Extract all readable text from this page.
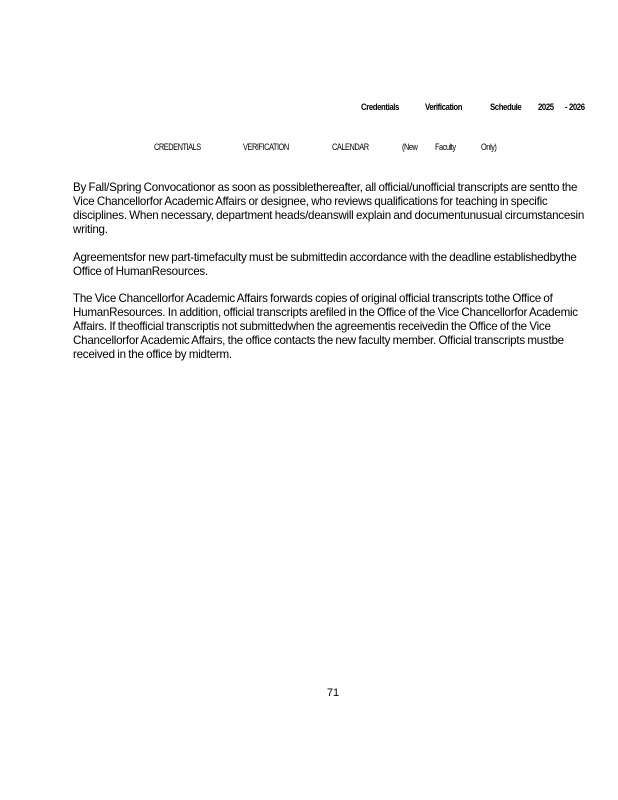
Credentials	Verification	Schedule 2025 - 2026
CREDENTIALS	VERIFICATION	CALENDAR	(New Faculty	Only)

By Fall/Spring Convocationor as soon as possiblethereafter, all official/unofficial transcripts are sentto the Vice Chancellorfor Academic Affairs or designee, who reviews qualifications for teaching in specific disciplines. When necessary, department heads/deanswill explain and documentunusual circumstancesin writing.

Agreementsfor new part-timefaculty must be submittedin accordance with the deadline establishedbythe Office of HumanResources.

The Vice Chancellorfor Academic Affairs forwards copies of original official transcripts tothe Office of HumanResources. In addition, official transcripts arefiled in the Office of the Vice Chancellorfor Academic Affairs. If theofficial transcriptis not submittedwhen the agreementis receivedin the Office of the Vice Chancellorfor Academic Affairs, the office contacts the new faculty member. Official transcripts mustbe received in the office by midterm.

71
